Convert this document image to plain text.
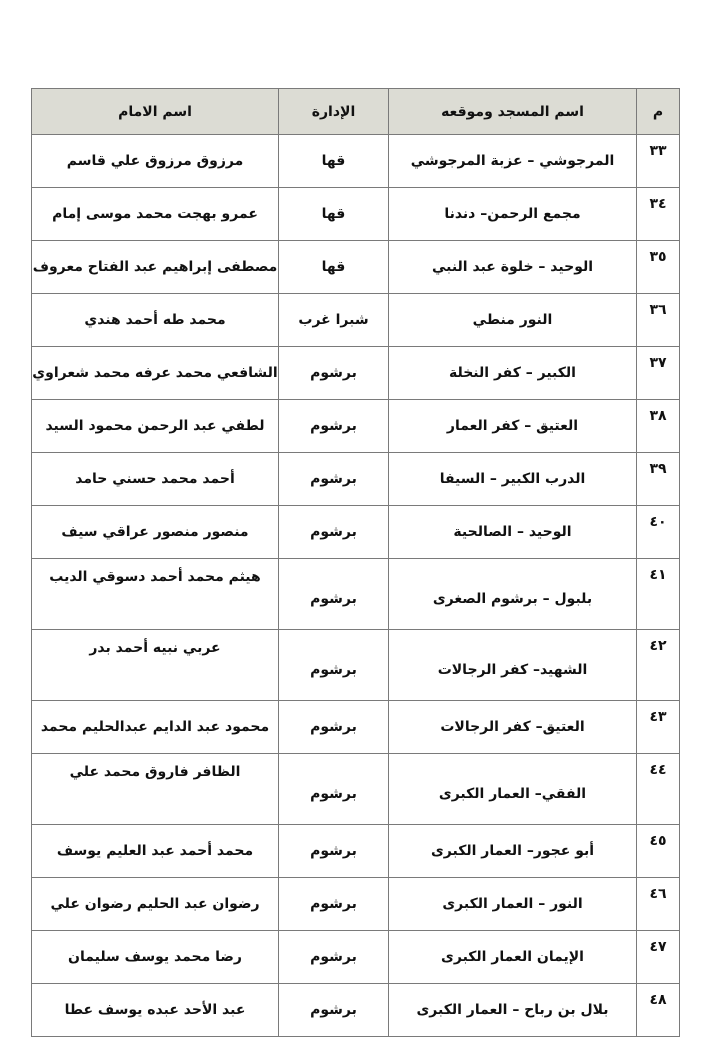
م	اسم المسجد وموقعه	الإدارة	اسم الامام
٣٣	المرجوشي – عزبة المرجوشي	قها	مرزوق مرزوق علي قاسم
٣٤	مجمع الرحمن– دندنا	قها	عمرو بهجت محمد موسى إمام
٣٥	الوحيد – خلوة عبد النبي	قها	مصطفى إبراهيم عبد الفتاح معروف
٣٦	النور منطي	شبرا غرب	محمد طه أحمد هندي
٣٧	الكبير – كفر النخلة	برشوم	الشافعي محمد عرفه محمد شعراوي
٣٨	العتيق – كفر العمار	برشوم	لطفي عبد الرحمن محمود السيد
٣٩	الدرب الكبير – السيفا	برشوم	أحمد محمد حسني حامد
٤٠	الوحيد – الصالحية	برشوم	منصور منصور عراقي سيف
٤١	بلبول – برشوم الصغرى	برشوم	هيثم محمد أحمد دسوقي الديب
٤٢	الشهيد– كفر الرجالات	برشوم	عربي نبيه أحمد بدر
٤٣	العتيق– كفر الرجالات	برشوم	محمود عبد الدايم عبدالحليم محمد
٤٤	الفقي– العمار الكبرى	برشوم	الظافر فاروق محمد علي
٤٥	أبو عجور– العمار الكبرى	برشوم	محمد أحمد عبد العليم يوسف
٤٦	النور – العمار الكبرى	برشوم	رضوان عبد الحليم رضوان علي
٤٧	الإيمان العمار الكبرى	برشوم	رضا محمد يوسف سليمان
٤٨	بلال بن رباح – العمار الكبرى	برشوم	عبد الأحد عبده يوسف عطا
